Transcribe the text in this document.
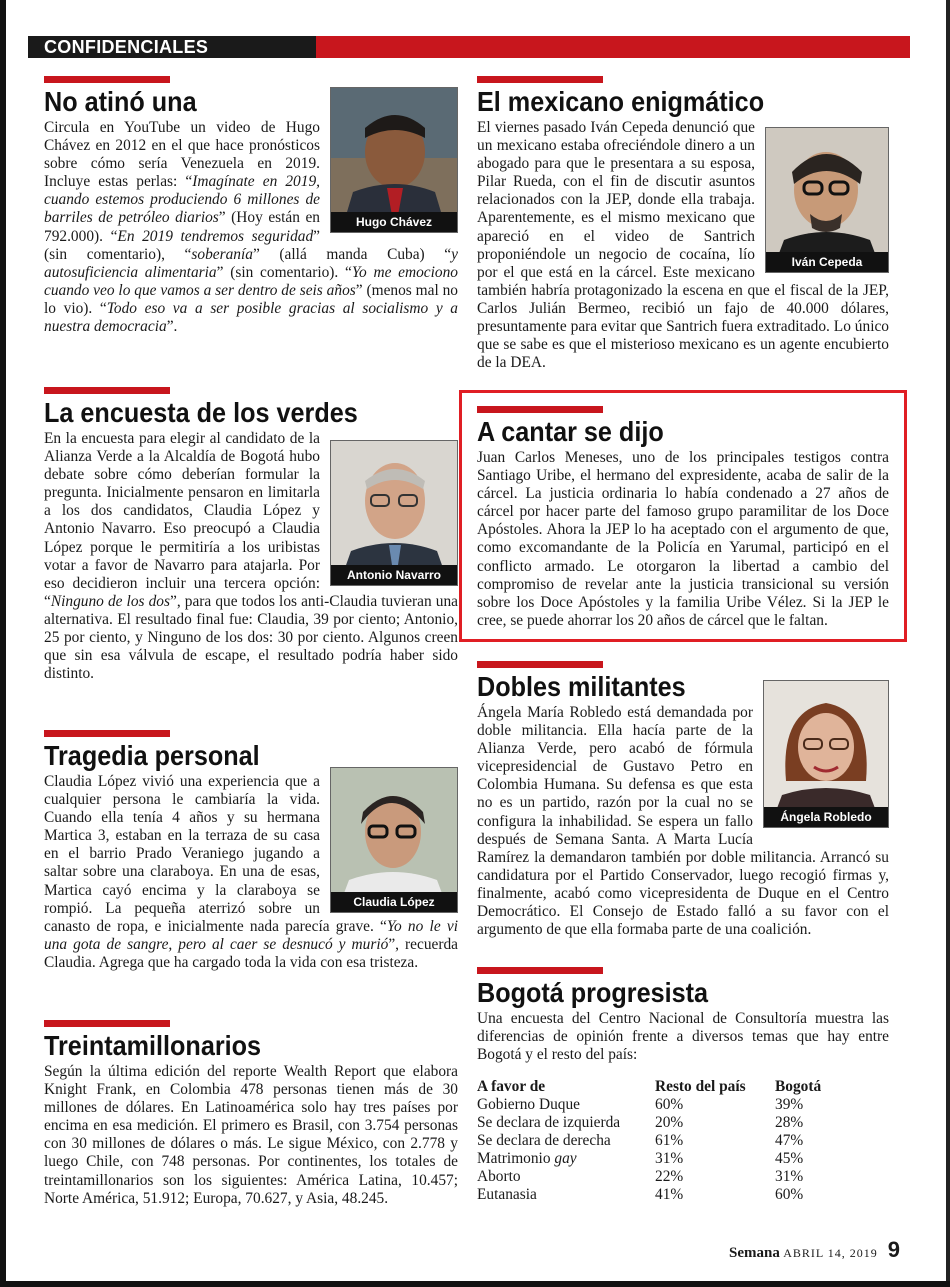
CONFIDENCIALES
No atinó una

Hugo Chávez
Circula en YouTube un video de Hugo Chávez en 2012 en el que hace pronósticos sobre cómo sería Venezuela en 2019. Incluye estas perlas: “Imagínate en 2019, cuando estemos produciendo 6 millones de barriles de petróleo diarios” (Hoy están en 792.000). “En 2019 tendremos seguridad” (sin comentario), “soberanía” (allá manda Cuba) “y autosuficiencia alimentaria” (sin comentario). “Yo me emociono cuando veo lo que vamos a ser dentro de seis años” (menos mal no lo vio). “Todo eso va a ser posible gracias al socialismo y a nuestra democracia”.

El mexicano enigmático

Iván Cepeda
El viernes pasado Iván Cepeda denunció que un mexicano estaba ofreciéndole dinero a un abogado para que le presentara a su esposa, Pilar Rueda, con el fin de discutir asuntos relacionados con la JEP, donde ella trabaja. Aparentemente, es el mismo mexicano que apareció en el video de Santrich proponiéndole un negocio de cocaína, lío por el que está en la cárcel. Este mexicano también habría protagonizado la escena en que el fiscal de la JEP, Carlos Julián Bermeo, recibió un fajo de 40.000 dólares, presuntamente para evitar que Santrich fuera extraditado. Lo único que se sabe es que el misterioso mexicano es un agente encubierto de la DEA.

La encuesta de los verdes

Antonio Navarro
En la encuesta para elegir al candidato de la Alianza Verde a la Alcaldía de Bogotá hubo debate sobre cómo deberían formular la pregunta. Inicialmente pensaron en limitarla a los dos candidatos, Claudia López y Antonio Navarro. Eso preocupó a Claudia López porque le permitiría a los uribistas votar a favor de Navarro para atajarla. Por eso decidieron incluir una tercera opción: “Ninguno de los dos”, para que todos los anti-Claudia tuvieran una alternativa. El resultado final fue: Claudia, 39 por ciento; Antonio, 25 por ciento, y Ninguno de los dos: 30 por ciento. Algunos creen que sin esa válvula de escape, el resultado podría haber sido distinto.

A cantar se dijo

Juan Carlos Meneses, uno de los principales testigos contra Santiago Uribe, el hermano del expresidente, acaba de salir de la cárcel. La justicia ordinaria lo había condenado a 27 años de cárcel por hacer parte del famoso grupo paramilitar de los Doce Apóstoles. Ahora la JEP lo ha aceptado con el argumento de que, como excomandante de la Policía en Yarumal, participó en el conflicto armado. Le otorgaron la libertad a cambio del compromiso de revelar ante la justicia transicional su versión sobre los Doce Apóstoles y la familia Uribe Vélez. Si la JEP le cree, se puede ahorrar los 20 años de cárcel que le faltan.

Tragedia personal

Claudia López
Claudia López vivió una experiencia que a cualquier persona le cambiaría la vida. Cuando ella tenía 4 años y su hermana Martica 3, estaban en la terraza de su casa en el barrio Prado Veraniego jugando a saltar sobre una claraboya. En una de esas, Martica cayó encima y la claraboya se rompió. La pequeña aterrizó sobre un canasto de ropa, e inicialmente nada parecía grave. “Yo no le vi una gota de sangre, pero al caer se desnucó y murió”, recuerda Claudia. Agrega que ha cargado toda la vida con esa tristeza.

Dobles militantes

Ángela Robledo
Ángela María Robledo está demandada por doble militancia. Ella hacía parte de la Alianza Verde, pero acabó de fórmula vicepresidencial de Gustavo Petro en Colombia Humana. Su defensa es que esta no es un partido, razón por la cual no se configura la inhabilidad. Se espera un fallo después de Semana Santa. A Marta Lucía Ramírez la demandaron también por doble militancia. Arrancó su candidatura por el Partido Conservador, luego recogió firmas y, finalmente, acabó como vicepresidenta de Duque en el Centro Democrático. El Consejo de Estado falló a su favor con el argumento de que ella formaba parte de una coalición.

Treintamillonarios

Según la última edición del reporte Wealth Report que elabora Knight Frank, en Colombia 478 personas tienen más de 30 millones de dólares. En Latinoamérica solo hay tres países por encima en esa medición. El primero es Brasil, con 3.754 personas con 30 millones de dólares o más. Le sigue México, con 2.778 y luego Chile, con 748 personas. Por continentes, los totales de treintamillonarios son los siguientes: América Latina, 10.457; Norte América, 51.912; Europa, 70.627, y Asia, 48.245.

Bogotá progresista

Una encuesta del Centro Nacional de Consultoría muestra las diferencias de opinión frente a diversos temas que hay entre Bogotá y el resto del país:

A favor de	Resto del país	Bogotá
Gobierno Duque	60%	39%
Se declara de izquierda	20%	28%
Se declara de derecha	61%	47%
Matrimonio gay	31%	45%
Aborto	22%	31%
Eutanasia	41%	60%
Semana ABRIL 14, 2019 9
